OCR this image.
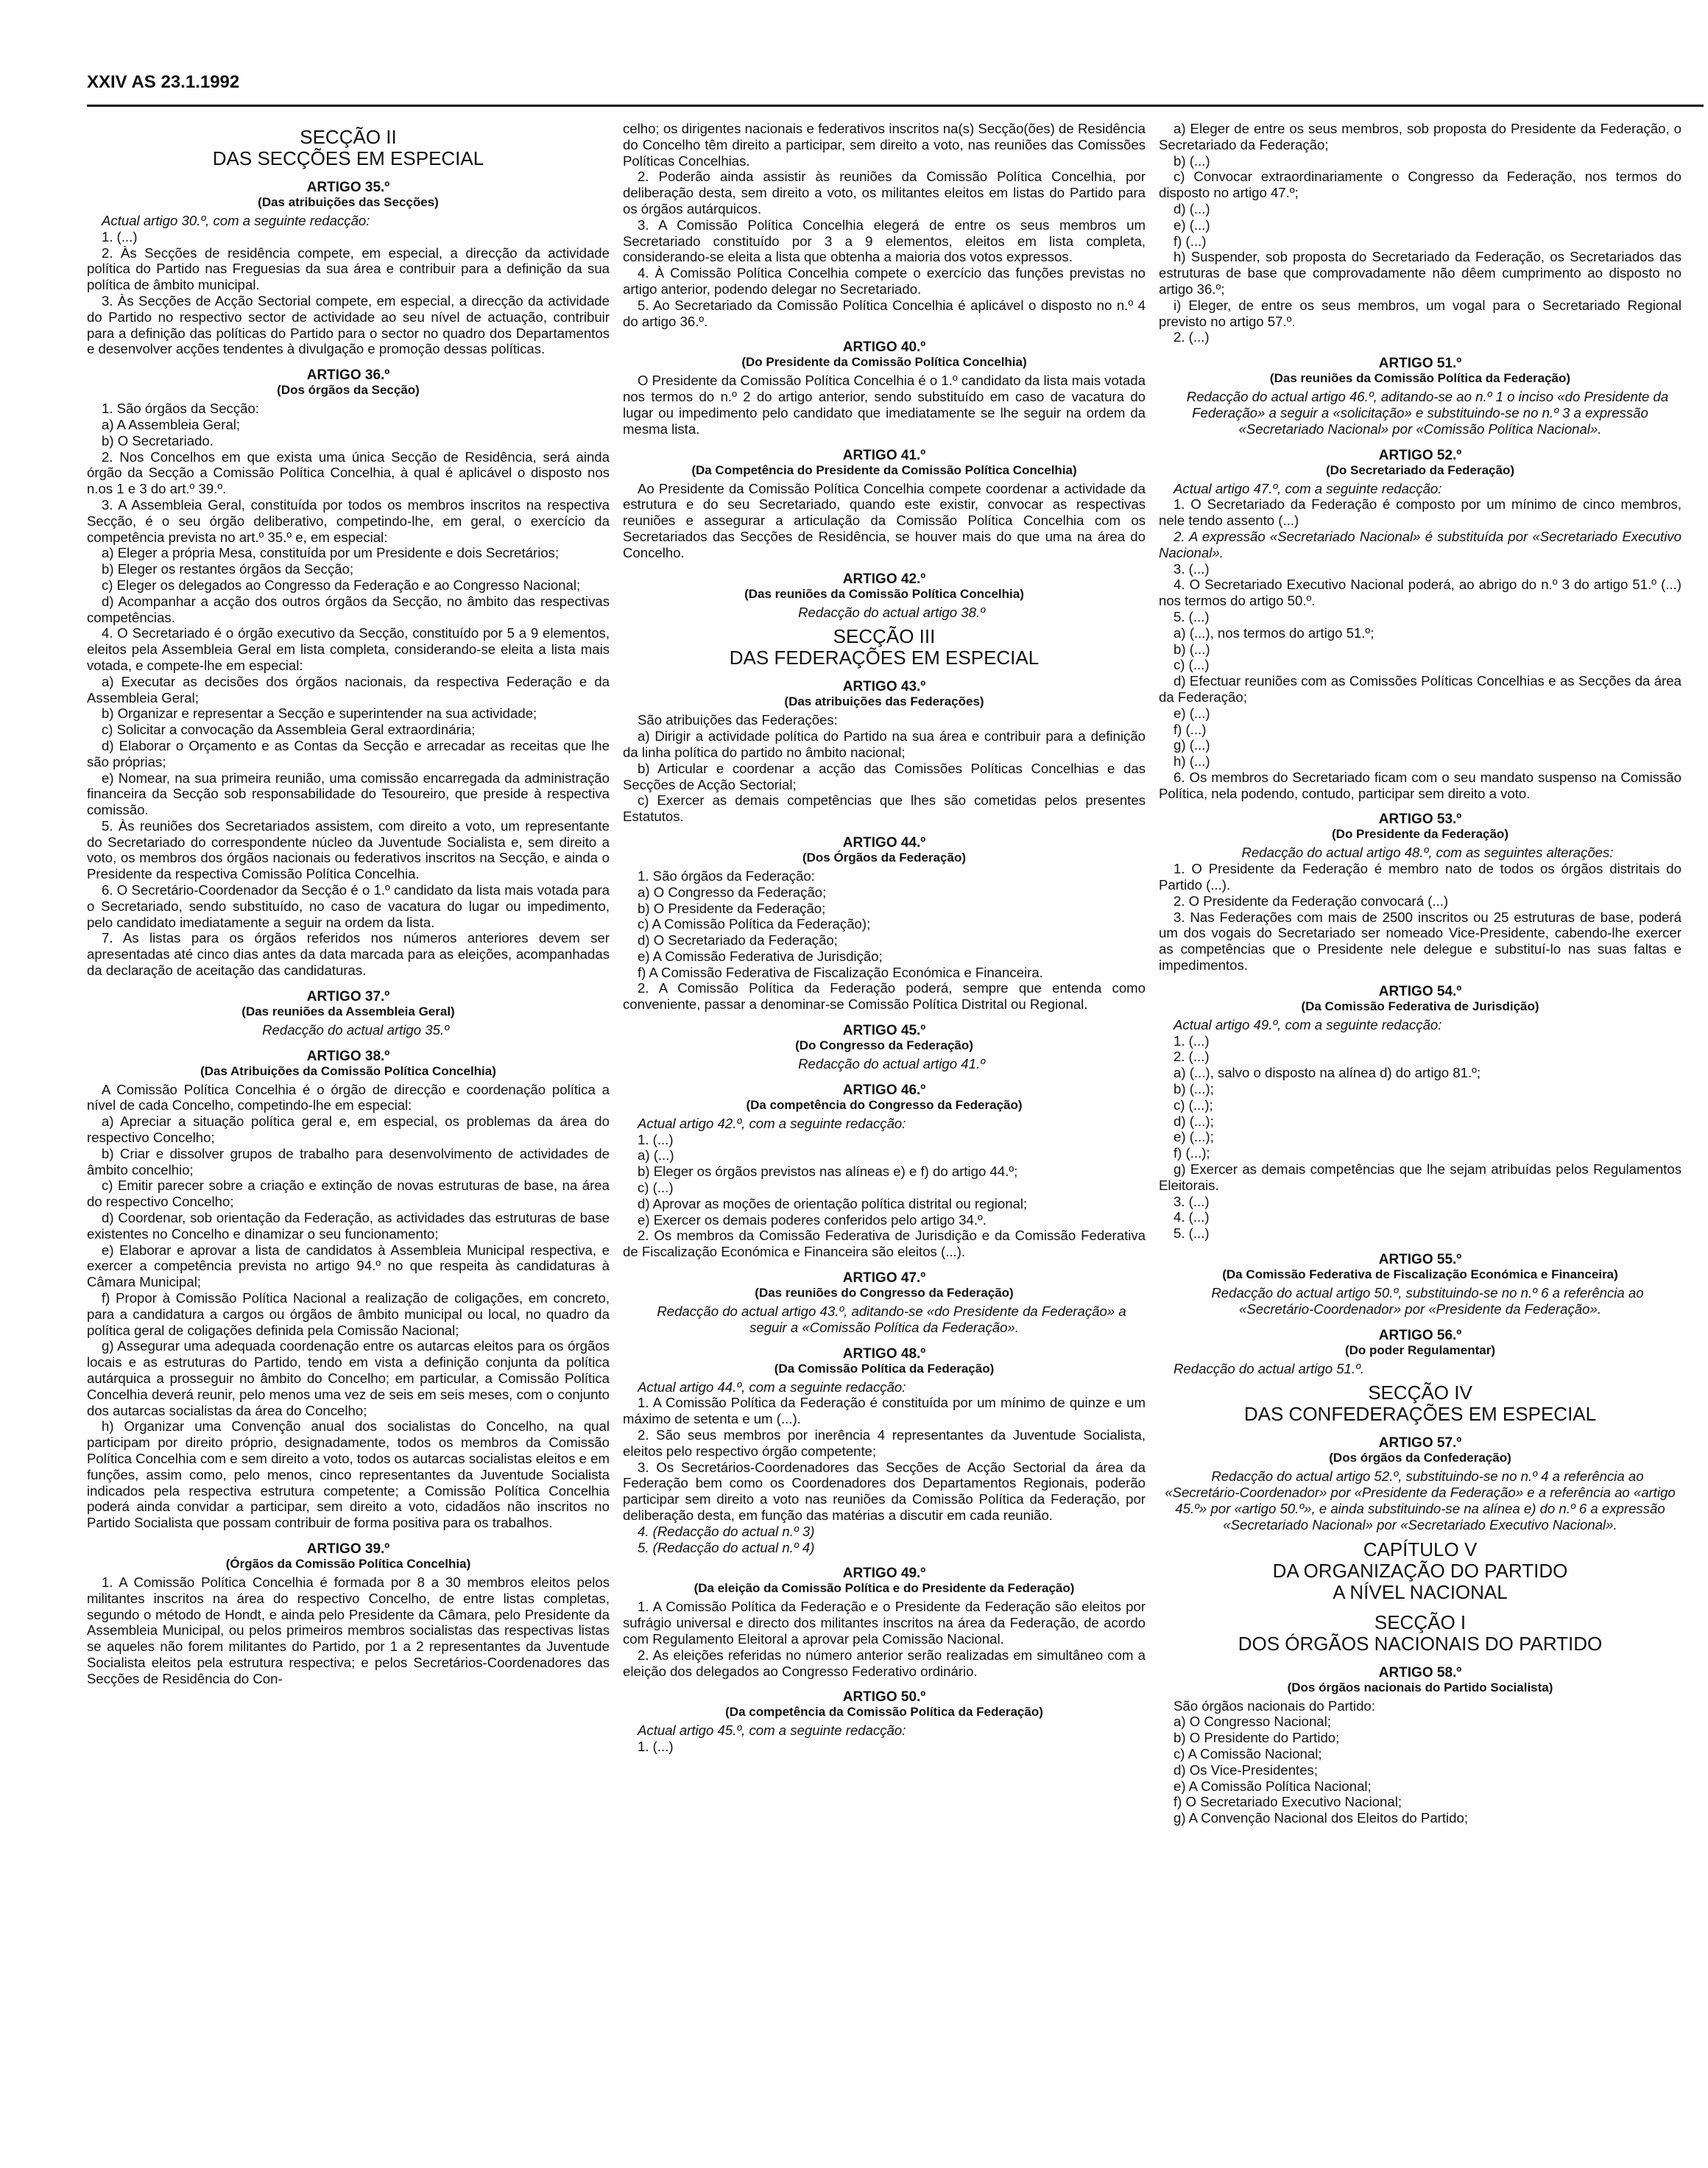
XXIV AS 23.1.1992
SECÇÃO II
DAS SECÇÕES EM ESPECIAL
ARTIGO 35.º
(Das atribuições das Secções)
Actual artigo 30.º, com a seguinte redacção:
1. (...)
2. Às Secções de residência compete, em especial, a direcção da actividade política do Partido nas Freguesias da sua área e contribuir para a definição da sua política de âmbito municipal.
3. Às Secções de Acção Sectorial compete, em especial, a direcção da actividade do Partido no respectivo sector de actividade ao seu nível de actuação, contribuir para a definição das políticas do Partido para o sector no quadro dos Departamentos e desenvolver acções tendentes à divulgação e promoção dessas políticas.
ARTIGO 36.º
(Dos órgãos da Secção)
1. São órgãos da Secção:
a) A Assembleia Geral;
b) O Secretariado.
2. Nos Concelhos em que exista uma única Secção de Residência, será ainda órgão da Secção a Comissão Política Concelhia, à qual é aplicável o disposto nos n.os 1 e 3 do art.º 39.º.
3. A Assembleia Geral, constituída por todos os membros inscritos na respectiva Secção, é o seu órgão deliberativo, competindo-lhe, em geral, o exercício da competência prevista no art.º 35.º e, em especial:
a) Eleger a própria Mesa, constituída por um Presidente e dois Secretários;
b) Eleger os restantes órgãos da Secção;
c) Eleger os delegados ao Congresso da Federação e ao Congresso Nacional;
d) Acompanhar a acção dos outros órgãos da Secção, no âmbito das respectivas competências.
4. O Secretariado é o órgão executivo da Secção, constituído por 5 a 9 elementos, eleitos pela Assembleia Geral em lista completa, considerando-se eleita a lista mais votada, e compete-lhe em especial:
a) Executar as decisões dos órgãos nacionais, da respectiva Federação e da Assembleia Geral;
b) Organizar e representar a Secção e superintender na sua actividade;
c) Solicitar a convocação da Assembleia Geral extraordinária;
d) Elaborar o Orçamento e as Contas da Secção e arrecadar as receitas que lhe são próprias;
e) Nomear, na sua primeira reunião, uma comissão encarregada da administração financeira da Secção sob responsabilidade do Tesoureiro, que preside à respectiva comissão.
5. Às reuniões dos Secretariados assistem, com direito a voto, um representante do Secretariado do correspondente núcleo da Juventude Socialista e, sem direito a voto, os membros dos órgãos nacionais ou federativos inscritos na Secção, e ainda o Presidente da respectiva Comissão Política Concelhia.
6. O Secretário-Coordenador da Secção é o 1.º candidato da lista mais votada para o Secretariado, sendo substituído, no caso de vacatura do lugar ou impedimento, pelo candidato imediatamente a seguir na ordem da lista.
7. As listas para os órgãos referidos nos números anteriores devem ser apresentadas até cinco dias antes da data marcada para as eleições, acompanhadas da declaração de aceitação das candidaturas.
ARTIGO 37.º
(Das reuniões da Assembleia Geral)
Redacção do actual artigo 35.º
ARTIGO 38.º
(Das Atribuições da Comissão Política Concelhia)
A Comissão Política Concelhia é o órgão de direcção e coordenação política a nível de cada Concelho, competindo-lhe em especial:
a) Apreciar a situação política geral e, em especial, os problemas da área do respectivo Concelho;
b) Criar e dissolver grupos de trabalho para desenvolvimento de actividades de âmbito concelhio;
c) Emitir parecer sobre a criação e extinção de novas estruturas de base, na área do respectivo Concelho;
d) Coordenar, sob orientação da Federação, as actividades das estruturas de base existentes no Concelho e dinamizar o seu funcionamento;
e) Elaborar e aprovar a lista de candidatos à Assembleia Municipal respectiva, e exercer a competência prevista no artigo 94.º no que respeita às candidaturas à Câmara Municipal;
f) Propor à Comissão Política Nacional a realização de coligações, em concreto, para a candidatura a cargos ou órgãos de âmbito municipal ou local, no quadro da política geral de coligações definida pela Comissão Nacional;
g) Assegurar uma adequada coordenação entre os autarcas eleitos para os órgãos locais e as estruturas do Partido, tendo em vista a definição conjunta da política autárquica a prosseguir no âmbito do Concelho; em particular, a Comissão Política Concelhia deverá reunir, pelo menos uma vez de seis em seis meses, com o conjunto dos autarcas socialistas da área do Concelho;
h) Organizar uma Convenção anual dos socialistas do Concelho, na qual participam por direito próprio, designadamente, todos os membros da Comissão Política Concelhia com e sem direito a voto, todos os autarcas socialistas eleitos e em funções, assim como, pelo menos, cinco representantes da Juventude Socialista indicados pela respectiva estrutura competente; a Comissão Política Concelhia poderá ainda convidar a participar, sem direito a voto, cidadãos não inscritos no Partido Socialista que possam contribuir de forma positiva para os trabalhos.
ARTIGO 39.º
(Órgãos da Comissão Política Concelhia)
1. A Comissão Política Concelhia é formada por 8 a 30 membros eleitos pelos militantes inscritos na área do respectivo Concelho, de entre listas completas, segundo o método de Hondt, e ainda pelo Presidente da Câmara, pelo Presidente da Assembleia Municipal, ou pelos primeiros membros socialistas das respectivas listas se aqueles não forem militantes do Partido, por 1 a 2 representantes da Juventude Socialista eleitos pela estrutura respectiva; e pelos Secretários-Coordenadores das Secções de Residência do Con-
celho; os dirigentes nacionais e federativos inscritos na(s) Secção(ões) de Residência do Concelho têm direito a participar, sem direito a voto, nas reuniões das Comissões Políticas Concelhias.
2. Poderão ainda assistir às reuniões da Comissão Política Concelhia, por deliberação desta, sem direito a voto, os militantes eleitos em listas do Partido para os órgãos autárquicos.
3. A Comissão Política Concelhia elegerá de entre os seus membros um Secretariado constituído por 3 a 9 elementos, eleitos em lista completa, considerando-se eleita a lista que obtenha a maioria dos votos expressos.
4. À Comissão Política Concelhia compete o exercício das funções previstas no artigo anterior, podendo delegar no Secretariado.
5. Ao Secretariado da Comissão Política Concelhia é aplicável o disposto no n.º 4 do artigo 36.º.
ARTIGO 40.º
(Do Presidente da Comissão Política Concelhia)
O Presidente da Comissão Política Concelhia é o 1.º candidato da lista mais votada nos termos do n.º 2 do artigo anterior, sendo substituído em caso de vacatura do lugar ou impedimento pelo candidato que imediatamente se lhe seguir na ordem da mesma lista.
ARTIGO 41.º
(Da Competência do Presidente da Comissão Política Concelhia)
Ao Presidente da Comissão Política Concelhia compete coordenar a actividade da estrutura e do seu Secretariado, quando este existir, convocar as respectivas reuniões e assegurar a articulação da Comissão Política Concelhia com os Secretariados das Secções de Residência, se houver mais do que uma na área do Concelho.
ARTIGO 42.º
(Das reuniões da Comissão Política Concelhia)
Redacção do actual artigo 38.º
SECÇÃO III
DAS FEDERAÇÕES EM ESPECIAL
ARTIGO 43.º
(Das atribuições das Federações)
São atribuições das Federações:
a) Dirigir a actividade política do Partido na sua área e contribuir para a definição da linha política do partido no âmbito nacional;
b) Articular e coordenar a acção das Comissões Políticas Concelhias e das Secções de Acção Sectorial;
c) Exercer as demais competências que lhes são cometidas pelos presentes Estatutos.
ARTIGO 44.º
(Dos Órgãos da Federação)
1. São órgãos da Federação:
a) O Congresso da Federação;
b) O Presidente da Federação;
c) A Comissão Política da Federação);
d) O Secretariado da Federação;
e) A Comissão Federativa de Jurisdição;
f) A Comissão Federativa de Fiscalização Económica e Financeira.
2. A Comissão Política da Federação poderá, sempre que entenda como conveniente, passar a denominar-se Comissão Política Distrital ou Regional.
ARTIGO 45.º
(Do Congresso da Federação)
Redacção do actual artigo 41.º
ARTIGO 46.º
(Da competência do Congresso da Federação)
Actual artigo 42.º, com a seguinte redacção:
1. (...)
a) (...)
b) Eleger os órgãos previstos nas alíneas e) e f) do artigo 44.º;
c) (...)
d) Aprovar as moções de orientação política distrital ou regional;
e) Exercer os demais poderes conferidos pelo artigo 34.º.
2. Os membros da Comissão Federativa de Jurisdição e da Comissão Federativa de Fiscalização Económica e Financeira são eleitos (...).
ARTIGO 47.º
(Das reuniões do Congresso da Federação)
Redacção do actual artigo 43.º, aditando-se «do Presidente da Federação» a seguir a «Comissão Política da Federação».
ARTIGO 48.º
(Da Comissão Política da Federação)
Actual artigo 44.º, com a seguinte redacção:
1. A Comissão Política da Federação é constituída por um mínimo de quinze e um máximo de setenta e um (...).
2. São seus membros por inerência 4 representantes da Juventude Socialista, eleitos pelo respectivo órgão competente;
3. Os Secretários-Coordenadores das Secções de Acção Sectorial da área da Federação bem como os Coordenadores dos Departamentos Regionais, poderão participar sem direito a voto nas reuniões da Comissão Política da Federação, por deliberação desta, em função das matérias a discutir em cada reunião.
4. (Redacção do actual n.º 3)
5. (Redacção do actual n.º 4)
ARTIGO 49.º
(Da eleição da Comissão Política e do Presidente da Federação)
1. A Comissão Política da Federação e o Presidente da Federação são eleitos por sufrágio universal e directo dos militantes inscritos na área da Federação, de acordo com Regulamento Eleitoral a aprovar pela Comissão Nacional.
2. As eleições referidas no número anterior serão realizadas em simultâneo com a eleição dos delegados ao Congresso Federativo ordinário.
ARTIGO 50.º
(Da competência da Comissão Política da Federação)
Actual artigo 45.º, com a seguinte redacção:
1. (...)
a) Eleger de entre os seus membros, sob proposta do Presidente da Federação, o Secretariado da Federação;
b) (...)
c) Convocar extraordinariamente o Congresso da Federação, nos termos do disposto no artigo 47.º;
d) (...)
e) (...)
f) (...)
h) Suspender, sob proposta do Secretariado da Federação, os Secretariados das estruturas de base que comprovadamente não dêem cumprimento ao disposto no artigo 36.º;
i) Eleger, de entre os seus membros, um vogal para o Secretariado Regional previsto no artigo 57.º.
2. (...)
ARTIGO 51.º
(Das reuniões da Comissão Política da Federação)
Redacção do actual artigo 46.º, aditando-se ao n.º 1 o inciso «do Presidente da Federação» a seguir a «solicitação» e substituindo-se no n.º 3 a expressão «Secretariado Nacional» por «Comissão Política Nacional».
ARTIGO 52.º
(Do Secretariado da Federação)
Actual artigo 47.º, com a seguinte redacção:
1. O Secretariado da Federação é composto por um mínimo de cinco membros, nele tendo assento (...)
2. A expressão «Secretariado Nacional» é substituída por «Secretariado Executivo Nacional».
3. (...)
4. O Secretariado Executivo Nacional poderá, ao abrigo do n.º 3 do artigo 51.º (...) nos termos do artigo 50.º.
5. (...)
a) (...), nos termos do artigo 51.º;
b) (...)
c) (...)
d) Efectuar reuniões com as Comissões Políticas Concelhias e as Secções da área da Federação;
e) (...)
f) (...)
g) (...)
h) (...)
6. Os membros do Secretariado ficam com o seu mandato suspenso na Comissão Política, nela podendo, contudo, participar sem direito a voto.
ARTIGO 53.º
(Do Presidente da Federação)
Redacção do actual artigo 48.º, com as seguintes alterações:
1. O Presidente da Federação é membro nato de todos os órgãos distritais do Partido (...).
2. O Presidente da Federação convocará (...)
3. Nas Federações com mais de 2500 inscritos ou 25 estruturas de base, poderá um dos vogais do Secretariado ser nomeado Vice-Presidente, cabendo-lhe exercer as competências que o Presidente nele delegue e substituí-lo nas suas faltas e impedimentos.
ARTIGO 54.º
(Da Comissão Federativa de Jurisdição)
Actual artigo 49.º, com a seguinte redacção:
1. (...)
2. (...)
a) (...), salvo o disposto na alínea d) do artigo 81.º;
b) (...);
c) (...);
d) (...);
e) (...);
f) (...);
g) Exercer as demais competências que lhe sejam atribuídas pelos Regulamentos Eleitorais.
3. (...)
4. (...)
5. (...)
ARTIGO 55.º
(Da Comissão Federativa de Fiscalização Económica e Financeira)
Redacção do actual artigo 50.º, substituindo-se no n.º 6 a referência ao «Secretário-Coordenador» por «Presidente da Federação».
ARTIGO 56.º
(Do poder Regulamentar)
Redacção do actual artigo 51.º.
SECÇÃO IV
DAS CONFEDERAÇÕES EM ESPECIAL
ARTIGO 57.º
(Dos órgãos da Confederação)
Redacção do actual artigo 52.º, substituindo-se no n.º 4 a referência ao «Secretário-Coordenador» por «Presidente da Federação» e a referência ao «artigo 45.º» por «artigo 50.º», e ainda substituindo-se na alínea e) do n.º 6 a expressão «Secretariado Nacional» por «Secretariado Executivo Nacional».
CAPÍTULO V
DA ORGANIZAÇÃO DO PARTIDO
A NÍVEL NACIONAL
SECÇÃO I
DOS ÓRGÃOS NACIONAIS DO PARTIDO
ARTIGO 58.º
(Dos órgãos nacionais do Partido Socialista)
São órgãos nacionais do Partido:
a) O Congresso Nacional;
b) O Presidente do Partido;
c) A Comissão Nacional;
d) Os Vice-Presidentes;
e) A Comissão Política Nacional;
f) O Secretariado Executivo Nacional;
g) A Convenção Nacional dos Eleitos do Partido;
